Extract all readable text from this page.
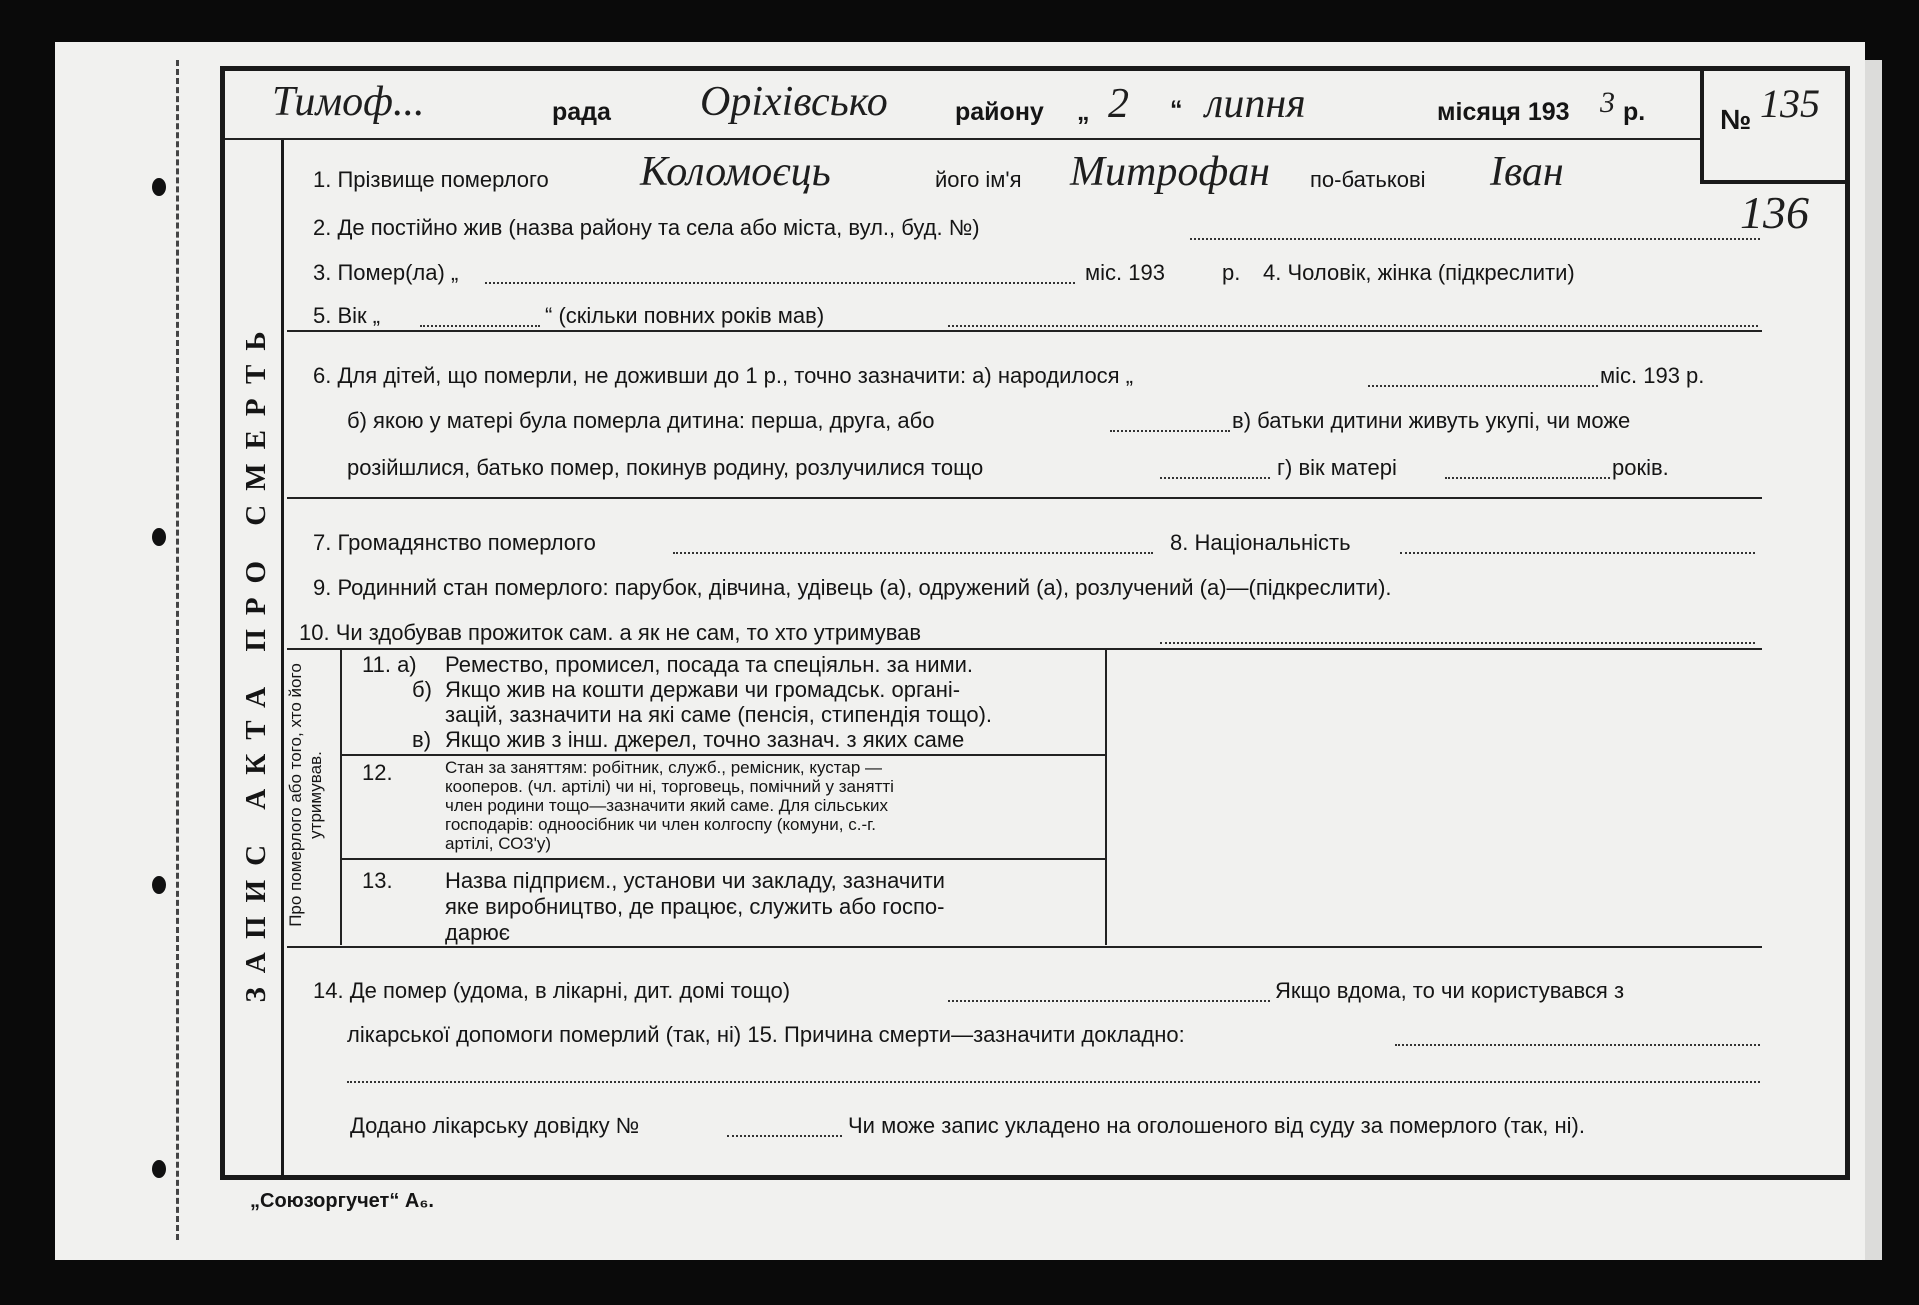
ЗАПИС АКТА ПРО СМЕРТЬ
Тимоф...	рада Оріхівсько	району „ 2 “ липня	місяця 193 3 р.	№ 135
136
1. Прізвище померлого Коломоєць	його ім'я Митрофан по-батькові Іван
2. Де постійно жив (назва району та села або міста, вул., буд. №)
3. Помер(ла) „	міс. 193	р. 4. Чоловік, жінка (підкреслити)
5. Вік „	“ (скільки повних років мав)
6. Для дітей, що померли, не доживши до 1 р., точно зазначити: а) народилося „	міс. 193 р.
б) якою у матері була померла дитина: перша, друга, або	в) батьки дитини живуть укупі, чи може
розійшлися, батько помер, покинув родину, розлучилися тощо	г) вік матері	років.
7. Громадянство померлого	8. Національність
9. Родинний стан померлого: парубок, дівчина, удівець (а), одружений (а), розлучений (а)—(підкреслити).
10. Чи здобував прожиток сам. а як не сам, то хто утримував
Про померлого або того, хто його утримував.
11. а) Ремество, промисел, посада та спеціяльн. за ними.
б) Якщо жив на кошти держави чи громадськ. органі-
зацій, зазначити на які саме (пенсія, стипендія тощо).
в) Якщо жив з інш. джерел, точно зазнач. з яких саме
12.	Стан за заняттям: робітник, служб., ремісник, кустар —
кооперов. (чл. артілі) чи ні, торговець, помічний у занятті
член родини тощо—зазначити який саме. Для сільських
господарів: одноосібник чи член колгоспу (комуни, с.-г.
артілі, СОЗ'у)
13. Назва підприєм., установи чи закладу, зазначити
яке виробництво, де працює, служить або госпо-
дарює
14. Де помер (удома, в лікарні, дит. домі тощо)	Якщо вдома, то чи користувався з
лікарської допомоги померлий (так, ні) 15. Причина смерти—зазначити докладно:
Додано лікарську довідку №	Чи може запис укладено на оголошеного від суду за померлого (так, ні).
„Союзоргучет“ А₆.
